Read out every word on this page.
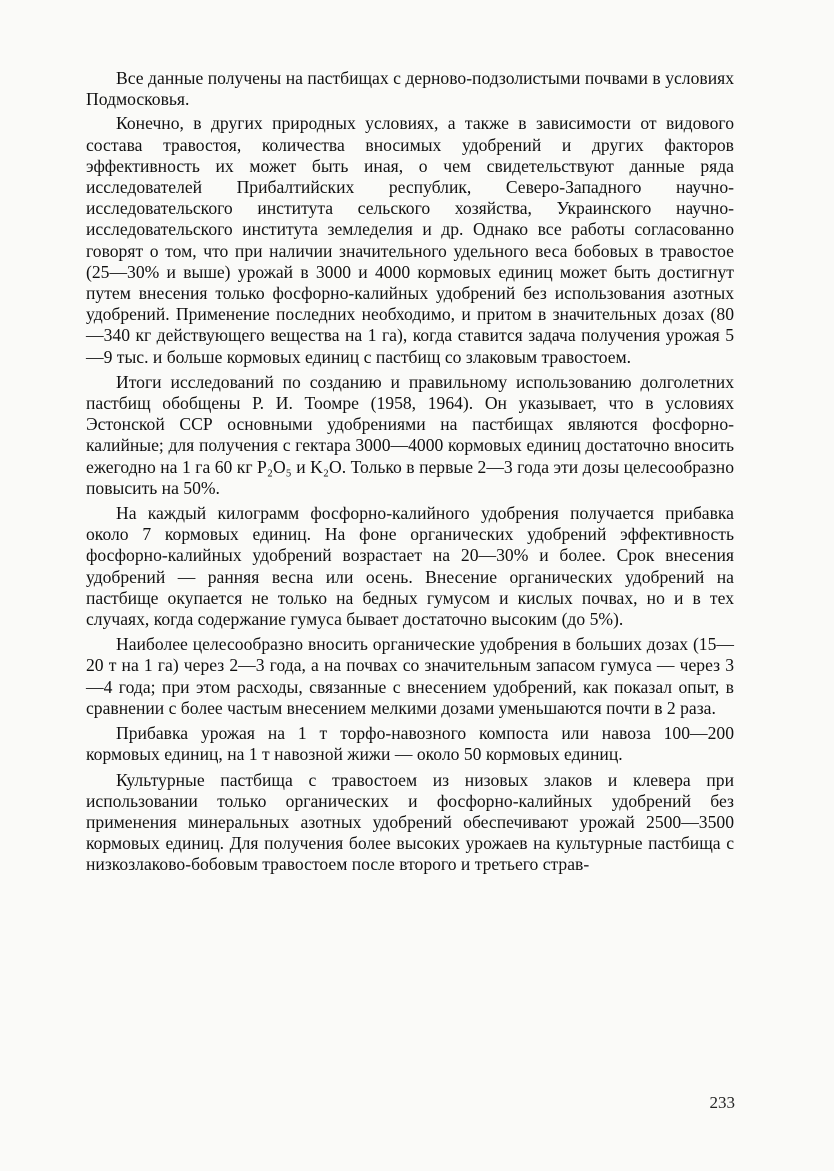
Все данные получены на пастбищах с дерново-подзолистыми почвами в условиях Подмосковья.

Конечно, в других природных условиях, а также в зависимости от видового состава травостоя, количества вносимых удобрений и других факторов эффективность их может быть иная, о чем свидетельствуют данные ряда исследователей Прибалтийских республик, Северо-Западного научно-исследовательского института сельского хозяйства, Украинского научно-исследовательского института земледелия и др. Однако все работы согласованно говорят о том, что при наличии значительного удельного веса бобовых в травостое (25—30% и выше) урожай в 3000 и 4000 кормовых единиц может быть достигнут путем внесения только фосфорно-калийных удобрений без использования азотных удобрений. Применение последних необходимо, и притом в значительных дозах (80—340 кг действующего вещества на 1 га), когда ставится задача получения урожая 5—9 тыс. и больше кормовых единиц с пастбищ со злаковым травостоем.

Итоги исследований по созданию и правильному использованию долголетних пастбищ обобщены Р. И. Тоомре (1958, 1964). Он указывает, что в условиях Эстонской ССР основными удобрениями на пастбищах являются фосфорно-калийные; для получения с гектара 3000—4000 кормовых единиц достаточно вносить ежегодно на 1 га 60 кг P₂O₅ и K₂O. Только в первые 2—3 года эти дозы целесообразно повысить на 50%.

На каждый килограмм фосфорно-калийного удобрения получается прибавка около 7 кормовых единиц. На фоне органических удобрений эффективность фосфорно-калийных удобрений возрастает на 20—30% и более. Срок внесения удобрений — ранняя весна или осень. Внесение органических удобрений на пастбище окупается не только на бедных гумусом и кислых почвах, но и в тех случаях, когда содержание гумуса бывает достаточно высоким (до 5%).

Наиболее целесообразно вносить органические удобрения в больших дозах (15—20 т на 1 га) через 2—3 года, а на почвах со значительным запасом гумуса — через 3—4 года; при этом расходы, связанные с внесением удобрений, как показал опыт, в сравнении с более частым внесением мелкими дозами уменьшаются почти в 2 раза.

Прибавка урожая на 1 т торфо-навозного компоста или навоза 100—200 кормовых единиц, на 1 т навозной жижи — около 50 кормовых единиц.

Культурные пастбища с травостоем из низовых злаков и клевера при использовании только органических и фосфорно-калийных удобрений без применения минеральных азотных удобрений обеспечивают урожай 2500—3500 кормовых единиц. Для получения более высоких урожаев на культурные пастбища с низкозлаково-бобовым травостоем после второго и третьего страв-

233
